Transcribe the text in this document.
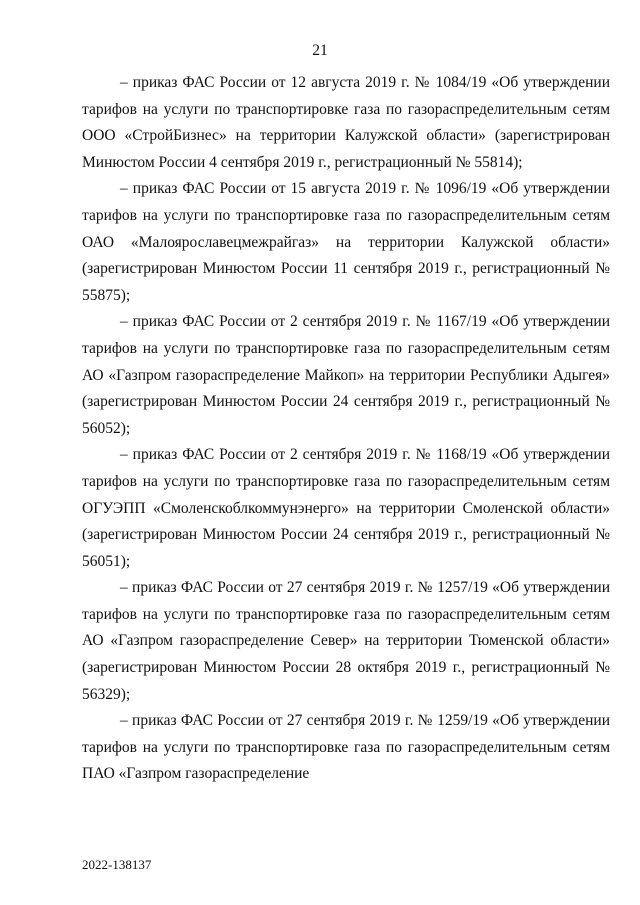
21

– приказ ФАС России от 12 августа 2019 г. № 1084/19 «Об утверждении тарифов на услуги по транспортировке газа по газораспределительным сетям ООО «СтройБизнес» на территории Калужской области» (зарегистрирован Минюстом России 4 сентября 2019 г., регистрационный № 55814);

– приказ ФАС России от 15 августа 2019 г. № 1096/19 «Об утверждении тарифов на услуги по транспортировке газа по газораспределительным сетям ОАО «Малоярославецмежрайгаз» на территории Калужской области» (зарегистрирован Минюстом России 11 сентября 2019 г., регистрационный № 55875);

– приказ ФАС России от 2 сентября 2019 г. № 1167/19 «Об утверждении тарифов на услуги по транспортировке газа по газораспределительным сетям АО «Газпром газораспределение Майкоп» на территории Республики Адыгея» (зарегистрирован Минюстом России 24 сентября 2019 г., регистрационный № 56052);

– приказ ФАС России от 2 сентября 2019 г. № 1168/19 «Об утверждении тарифов на услуги по транспортировке газа по газораспределительным сетям ОГУЭПП «Смоленскоблкоммунэнерго» на территории Смоленской области» (зарегистрирован Минюстом России 24 сентября 2019 г., регистрационный № 56051);

– приказ ФАС России от 27 сентября 2019 г. № 1257/19 «Об утверждении тарифов на услуги по транспортировке газа по газораспределительным сетям АО «Газпром газораспределение Север» на территории Тюменской области» (зарегистрирован Минюстом России 28 октября 2019 г., регистрационный № 56329);

– приказ ФАС России от 27 сентября 2019 г. № 1259/19 «Об утверждении тарифов на услуги по транспортировке газа по газораспределительным сетям ПАО «Газпром газораспределение

2022-138137
